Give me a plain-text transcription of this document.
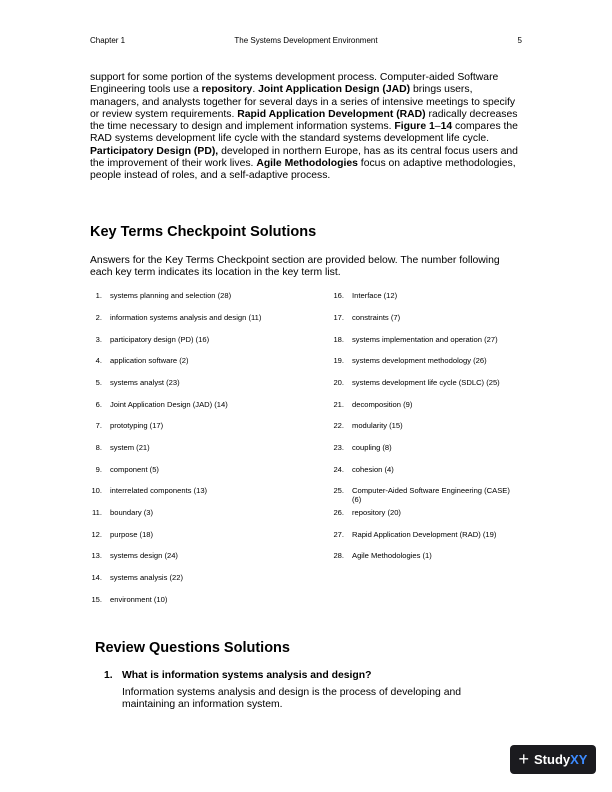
Chapter 1	The Systems Development Environment	5
support for some portion of the systems development process. Computer-aided Software Engineering tools use a repository. Joint Application Design (JAD) brings users, managers, and analysts together for several days in a series of intensive meetings to specify or review system requirements. Rapid Application Development (RAD) radically decreases the time necessary to design and implement information systems. Figure 1–14 compares the RAD systems development life cycle with the standard systems development life cycle. Participatory Design (PD), developed in northern Europe, has as its central focus users and the improvement of their work lives. Agile Methodologies focus on adaptive methodologies, people instead of roles, and a self-adaptive process.
Key Terms Checkpoint Solutions
Answers for the Key Terms Checkpoint section are provided below. The number following each key term indicates its location in the key term list.
1. systems planning and selection (28)
2. information systems analysis and design (11)
3. participatory design (PD) (16)
4. application software (2)
5. systems analyst (23)
6. Joint Application Design (JAD) (14)
7. prototyping (17)
8. system (21)
9. component (5)
10. interrelated components (13)
11. boundary (3)
12. purpose (18)
13. systems design (24)
14. systems analysis (22)
15. environment (10)
16. Interface (12)
17. constraints (7)
18. systems implementation and operation (27)
19. systems development methodology (26)
20. systems development life cycle (SDLC) (25)
21. decomposition (9)
22. modularity (15)
23. coupling (8)
24. cohesion (4)
25. Computer-Aided Software Engineering (CASE) (6)
26. repository (20)
27. Rapid Application Development (RAD) (19)
28. Agile Methodologies (1)
Review Questions Solutions
1. What is information systems analysis and design?
Information systems analysis and design is the process of developing and maintaining an information system.
+ StudyXY
